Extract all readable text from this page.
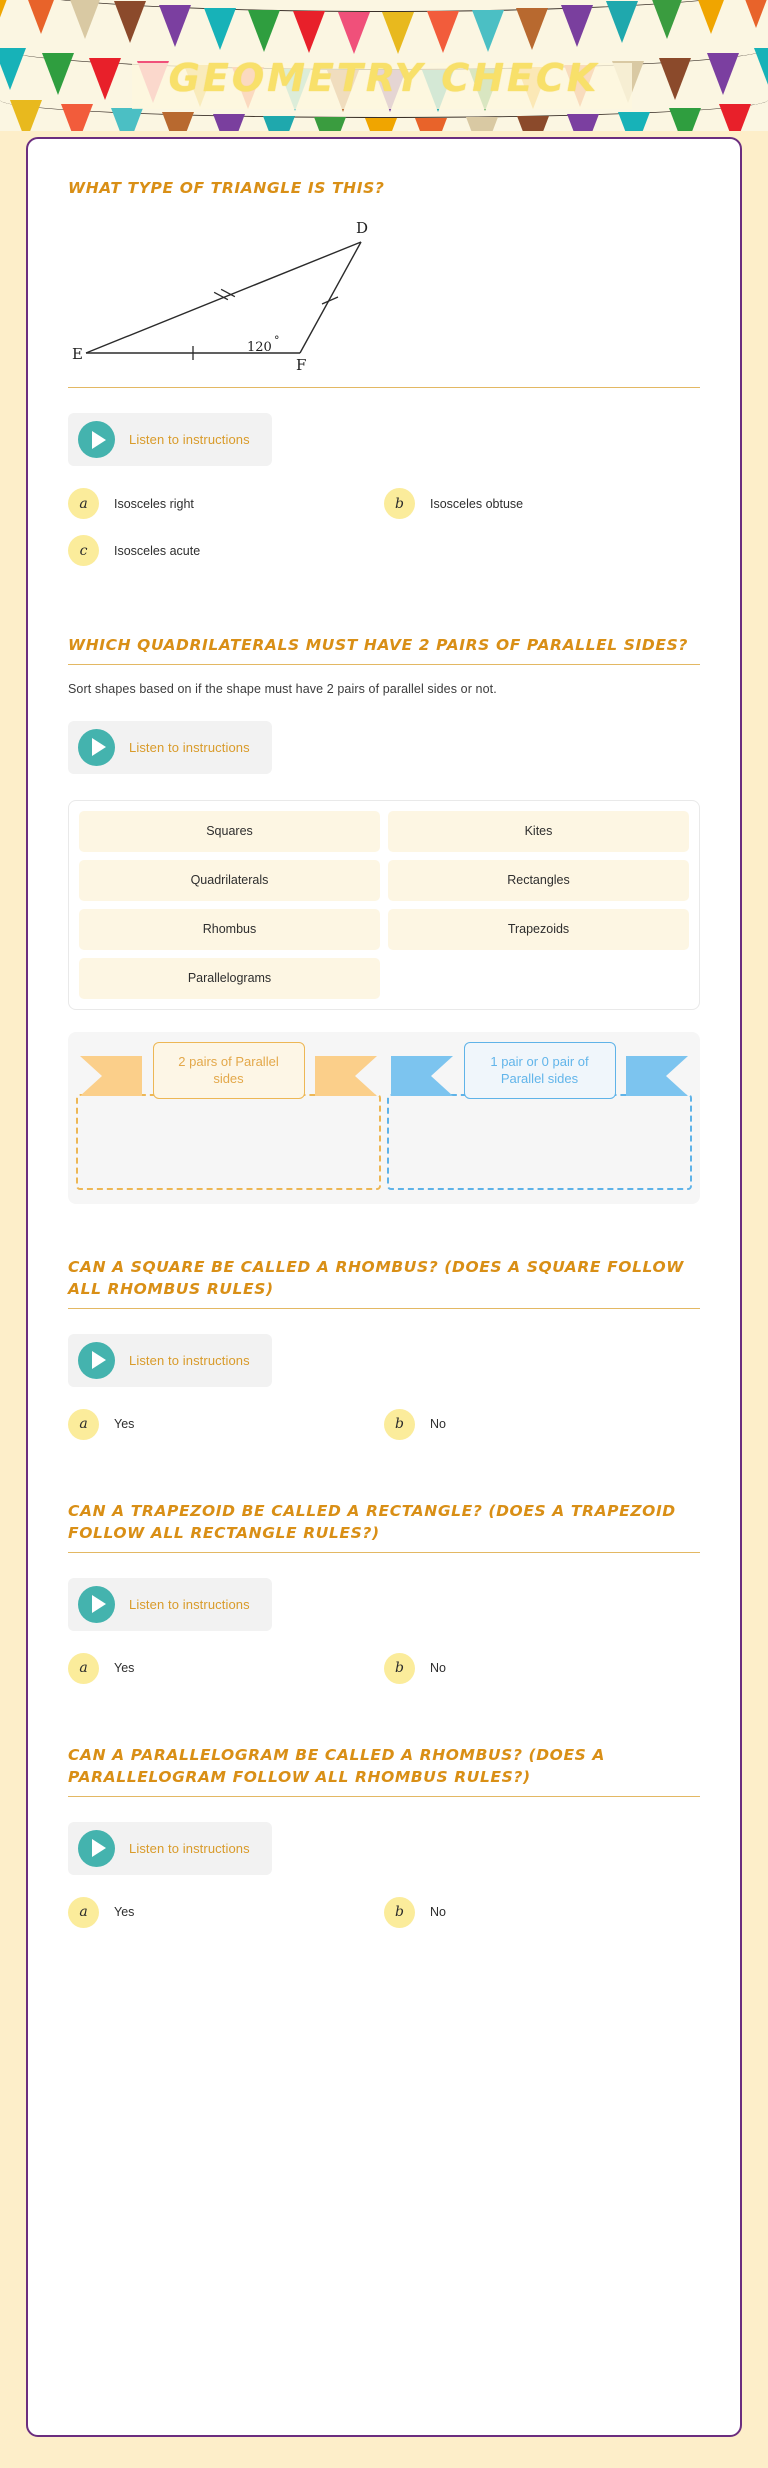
GEOMETRY CHECK
WHAT TYPE OF TRIANGLE IS THIS?
D
E
F
120 °
Listen to instructions
a	Isosceles right	b	Isosceles obtuse
c	Isosceles acute
WHICH QUADRILATERALS MUST HAVE 2 PAIRS OF PARALLEL SIDES?
Sort shapes based on if the shape must have 2 pairs of parallel sides or not.
Listen to instructions
Squares	Kites
Quadrilaterals	Rectangles
Rhombus	Trapezoids
Parallelograms
2 pairs of Parallel sides
1 pair or 0 pair of Parallel sides
CAN A SQUARE BE CALLED A RHOMBUS? (DOES A SQUARE FOLLOW ALL RHOMBUS RULES)
Listen to instructions
a	Yes	b	No
CAN A TRAPEZOID BE CALLED A RECTANGLE? (DOES A TRAPEZOID FOLLOW ALL RECTANGLE RULES?)
Listen to instructions
a	Yes	b	No
CAN A PARALLELOGRAM BE CALLED A RHOMBUS? (DOES A PARALLELOGRAM FOLLOW ALL RHOMBUS RULES?)
Listen to instructions
a	Yes	b	No
